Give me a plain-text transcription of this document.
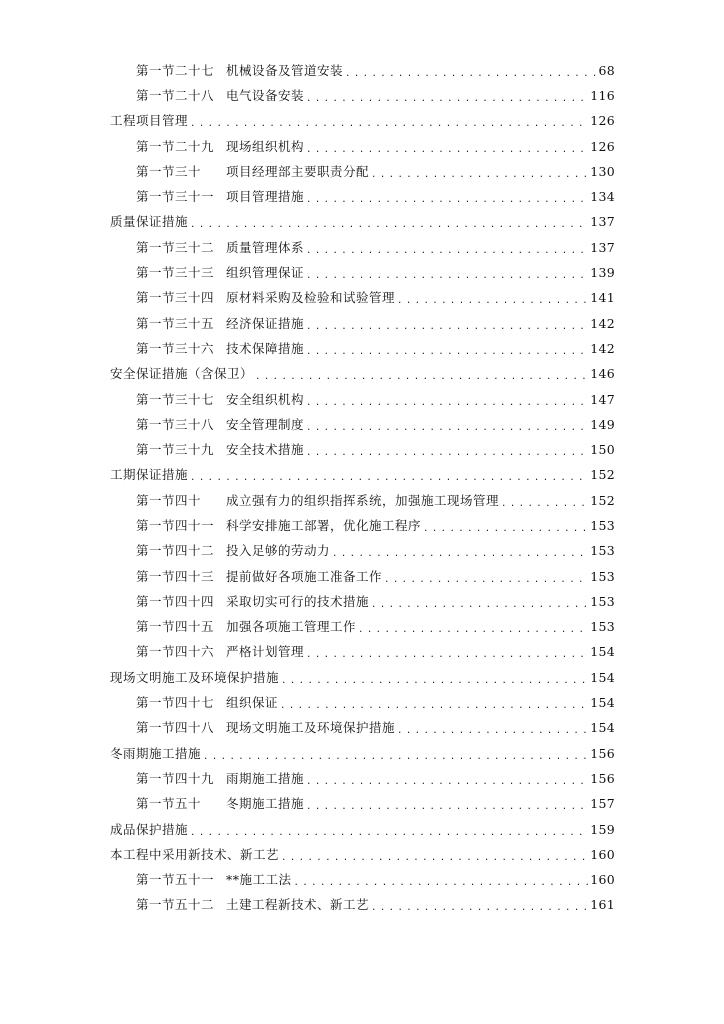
第一节二十七 机械设备及管道安装 .....	68
第一节二十八 电气设备安装 .....	116
工程项目管理 .....	126
第一节二十九 现场组织机构 .....	126
第一节三十	项目经理部主要职责分配 .....	130
第一节三十一 项目管理措施 .....	134
质量保证措施 .....	137
第一节三十二 质量管理体系 .....	137
第一节三十三 组织管理保证 .....	139
第一节三十四 原材料采购及检验和试验管理 .....	141
第一节三十五 经济保证措施 .....	142
第一节三十六 技术保障措施 .....	142
安全保证措施（含保卫） .....	146
第一节三十七 安全组织机构 .....	147
第一节三十八 安全管理制度 .....	149
第一节三十九 安全技术措施 .....	150
工期保证措施 .....	152
第一节四十	成立强有力的组织指挥系统，加强施工现场管理 .....	152
第一节四十一 科学安排施工部署，优化施工程序 .....	153
第一节四十二 投入足够的劳动力 .....	153
第一节四十三 提前做好各项施工准备工作 .....	153
第一节四十四 采取切实可行的技术措施 .....	153
第一节四十五 加强各项施工管理工作 .....	153
第一节四十六 严格计划管理 .....	154
现场文明施工及环境保护措施 .....	154
第一节四十七 组织保证 .....	154
第一节四十八 现场文明施工及环境保护措施 .....	154
冬雨期施工措施 .....	156
第一节四十九 雨期施工措施 .....	156
第一节五十	冬期施工措施 .....	157
成品保护措施 .....	159
本工程中采用新技术、新工艺 .....	160
第一节五十一 **施工工法 .....	160
第一节五十二 土建工程新技术、新工艺 .....	161
